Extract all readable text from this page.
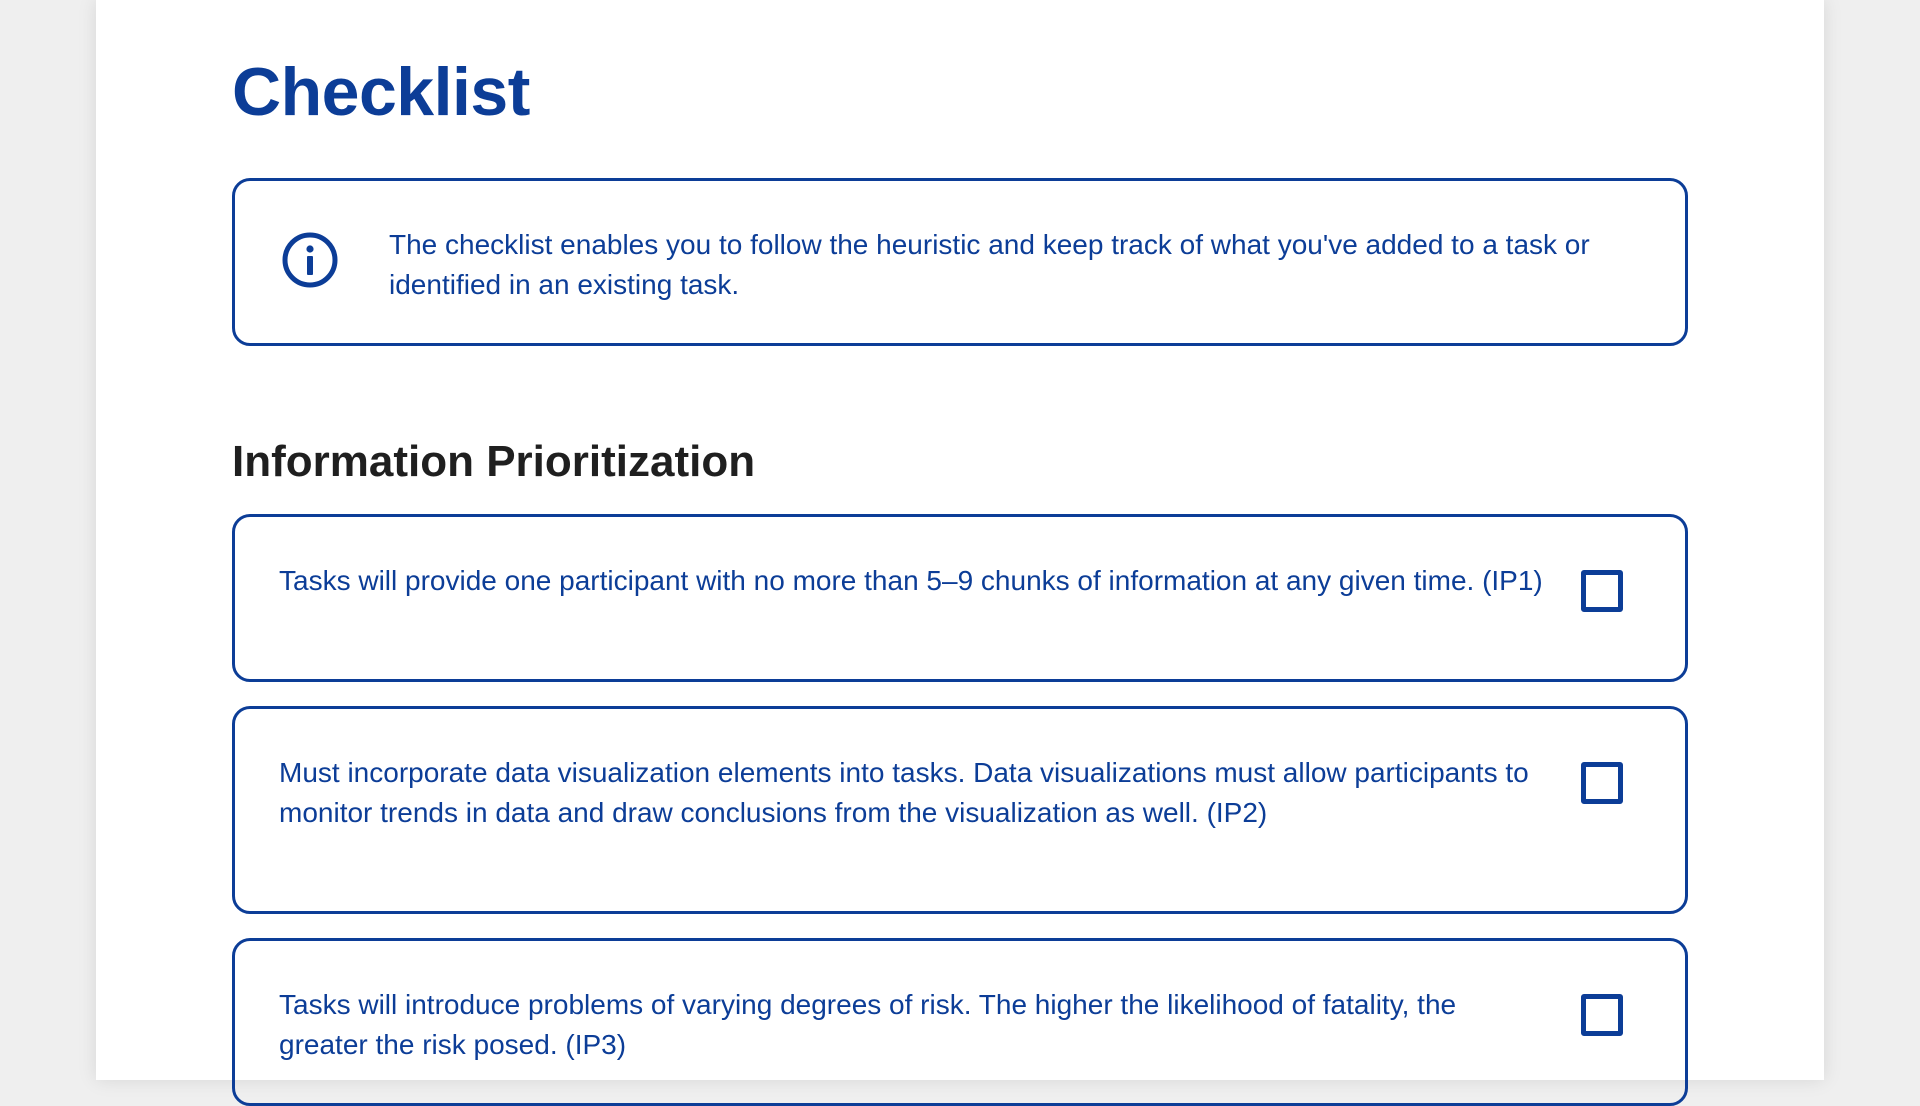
Checklist
The checklist enables you to follow the heuristic and keep track of what you've added to a task or identified in an existing task.
Information Prioritization
Tasks will provide one participant with no more than 5–9 chunks of information at any given time. (IP1)
Must incorporate data visualization elements into tasks. Data visualizations must allow participants to monitor trends in data and draw conclusions from the visualization as well. (IP2)
Tasks will introduce problems of varying degrees of risk. The higher the likelihood of fatality, the greater the risk posed. (IP3)
